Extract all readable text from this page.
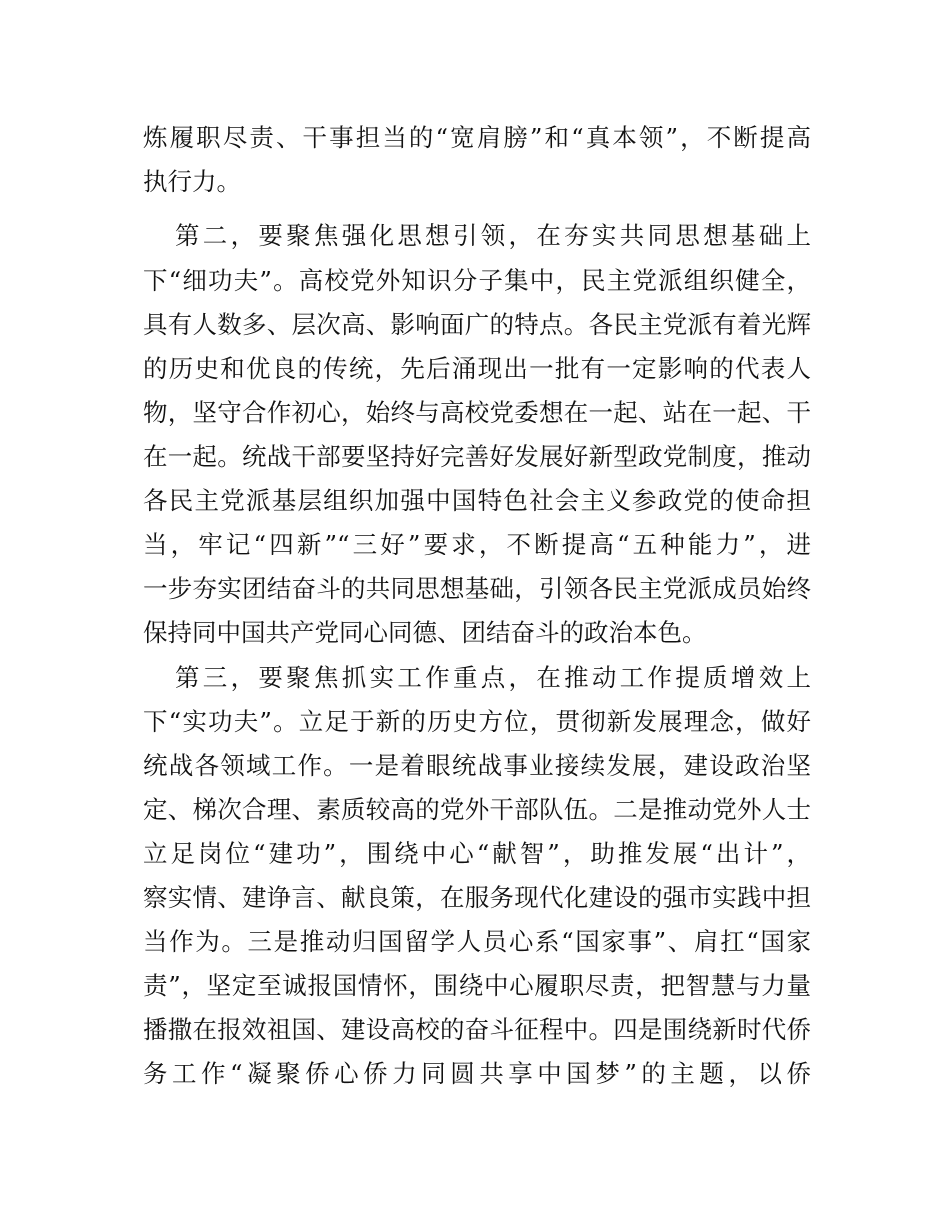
炼履职尽责、干事担当的“宽肩膀”和“真本领”，不断提高
执行力。
第二，要聚焦强化思想引领，在夯实共同思想基础上
下“细功夫”。高校党外知识分子集中，民主党派组织健全，
具有人数多、层次高、影响面广的特点。各民主党派有着光辉
的历史和优良的传统，先后涌现出一批有一定影响的代表人
物，坚守合作初心，始终与高校党委想在一起、站在一起、干
在一起。统战干部要坚持好完善好发展好新型政党制度，推动
各民主党派基层组织加强中国特色社会主义参政党的使命担
当，牢记“四新”“三好”要求，不断提高“五种能力”，进
一步夯实团结奋斗的共同思想基础，引领各民主党派成员始终
保持同中国共产党同心同德、团结奋斗的政治本色。
第三，要聚焦抓实工作重点，在推动工作提质增效上
下“实功夫”。立足于新的历史方位，贯彻新发展理念，做好
统战各领域工作。一是着眼统战事业接续发展，建设政治坚
定、梯次合理、素质较高的党外干部队伍。二是推动党外人士
立足岗位“建功”，围绕中心“献智”，助推发展“出计”，
察实情、建诤言、献良策，在服务现代化建设的强市实践中担
当作为。三是推动归国留学人员心系“国家事”、肩扛“国家
责”，坚定至诚报国情怀，围绕中心履职尽责，把智慧与力量
播撒在报效祖国、建设高校的奋斗征程中。四是围绕新时代侨
务工作“凝聚侨心侨力同圆共享中国梦”的主题，以侨
